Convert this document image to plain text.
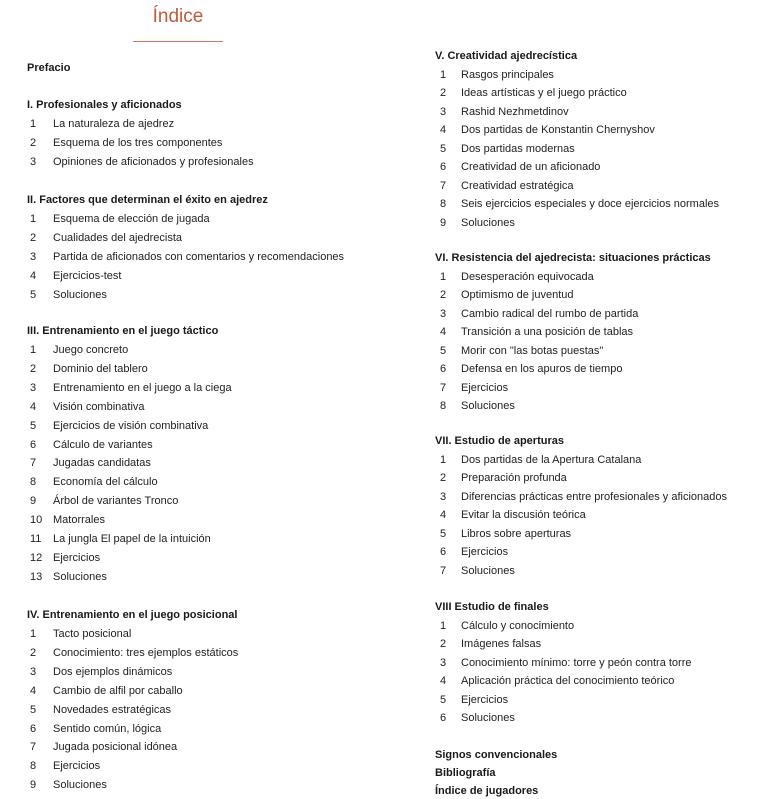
Índice
Prefacio
I. Profesionales y aficionados
1 La naturaleza de ajedrez
2 Esquema de los tres componentes
3 Opiniones de aficionados y profesionales
II. Factores que determinan el éxito en ajedrez
1 Esquema de elección de jugada
2 Cualidades del ajedrecista
3 Partida de aficionados con comentarios y recomendaciones
4 Ejercicios-test
5 Soluciones
III. Entrenamiento en el juego táctico
1 Juego concreto
2 Dominio del tablero
3 Entrenamiento en el juego a la ciega
4 Visión combinativa
5 Ejercicios de visión combinativa
6 Cálculo de variantes
7 Jugadas candidatas
8 Economía del cálculo
9 Árbol de variantes Tronco
10 Matorrales
11 La jungla El papel de la intuición
12 Ejercicios
13 Soluciones
IV. Entrenamiento en el juego posicional
1 Tacto posicional
2 Conocimiento: tres ejemplos estáticos
3 Dos ejemplos dinámicos
4 Cambio de alfil por caballo
5 Novedades estratégicas
6 Sentido común, lógica
7 Jugada posicional idónea
8 Ejercicios
9 Soluciones
V. Creatividad ajedrecística
1 Rasgos principales
2 Ideas artísticas y el juego práctico
3 Rashid Nezhmetdinov
4 Dos partidas de Konstantin Chernyshov
5 Dos partidas modernas
6 Creatividad de un aficionado
7 Creatividad estratégica
8 Seis ejercicios especiales y doce ejercicios normales
9 Soluciones
VI. Resistencia del ajedrecista: situaciones prácticas
1 Desesperación equivocada
2 Optimismo de juventud
3 Cambio radical del rumbo de partida
4 Transición a una posición de tablas
5 Morir con "las botas puestas"
6 Defensa en los apuros de tiempo
7 Ejercicios
8 Soluciones
VII. Estudio de aperturas
1 Dos partidas de la Apertura Catalana
2 Preparación profunda
3 Diferencias prácticas entre profesionales y aficionados
4 Evitar la discusión teórica
5 Libros sobre aperturas
6 Ejercicios
7 Soluciones
VIII Estudio de finales
1 Cálculo y conocimiento
2 Imágenes falsas
3 Conocimiento mínimo: torre y peón contra torre
4 Aplicación práctica del conocimiento teórico
5 Ejercicios
6 Soluciones
Signos convencionales
Bibliografía
Índice de jugadores
